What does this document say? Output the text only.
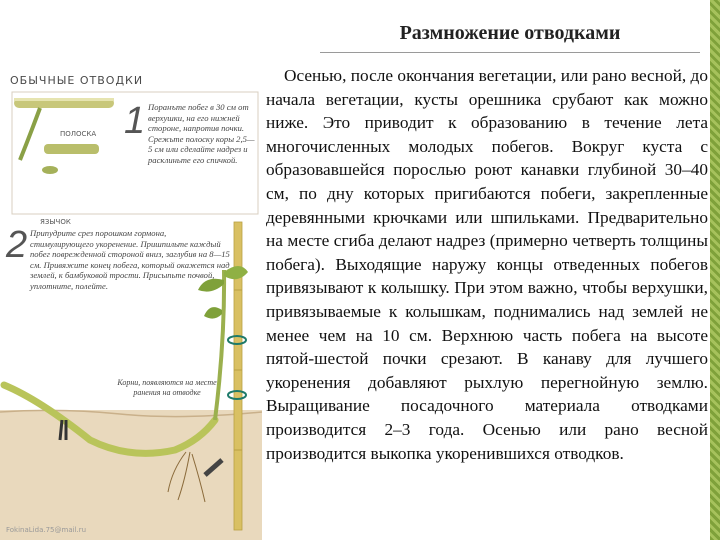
ОБЫЧНЫЕ ОТВОДКИ
ПОЛОСКА
ЯЗЫЧОК
1 Поранъте побег в 30 см от верхушки, на его нижней стороне, напротив почки. Срежьте полоску коры 2,5—5 см или сделайте надрез и расклиньте его спичкой.
2 Припудрите срез порошком гормона, стимулирующего укоренение. Пришпильте каждый побег поврежденной стороной вниз, заглубив на 8—15 см. Привяжите конец побега, который окажется над землей, к бамбуковой трости. Присыпьте почвой, уплотните, полейте.
Корни, появляются на месте ранения на отводке
FokinaLida.75@mail.ru
Размножение отводками
Осенью, после окончания вегетации, или рано весной, до начала вегетации, кусты орешника срубают как можно ниже. Это приводит к образованию в течение лета многочисленных молодых побегов. Вокруг куста с образовавшейся порослью роют канавки глубиной 30–40 см, по дну которых пригибаются побеги, закрепленные деревянными крючками или шпильками. Предварительно на месте сгиба делают надрез (примерно четверть толщины побега). Выходящие наружу концы отведенных побегов привязывают к колышку. При этом важно, чтобы верхушки, привязываемые к колышкам, поднимались над землей не менее чем на 10 см. Верхнюю часть побега на высоте пятой-шестой почки срезают. В канаву для лучшего укоренения добавляют рыхлую перегнойную землю. Выращивание посадочного материала отводками производится 2–3 года. Осенью или рано весной производится выкопка укоренившихся отводков.
